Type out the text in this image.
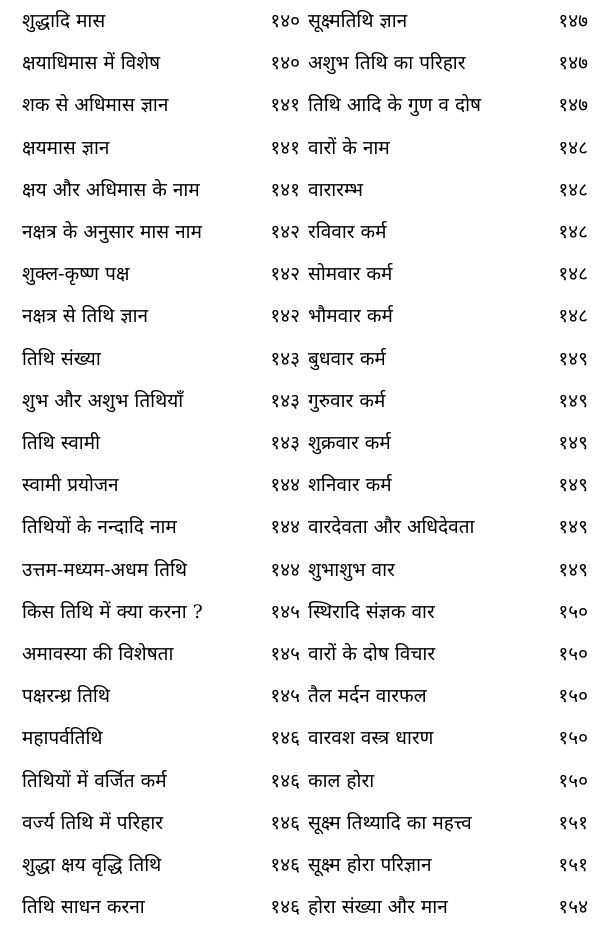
शुद्धादि मास	१४० सूक्ष्मतिथि ज्ञान	१४७
क्षयाधिमास में विशेष	१४० अशुभ तिथि का परिहार	१४७
शक से अधिमास ज्ञान	१४१ तिथि आदि के गुण व दोष	१४७
क्षयमास ज्ञान	१४१ वारों के नाम	१४८
क्षय और अधिमास के नाम	१४१ वारारम्भ	१४८
नक्षत्र के अनुसार मास नाम	१४२ रविवार कर्म	१४८
शुक्ल-कृष्ण पक्ष	१४२ सोमवार कर्म	१४८
नक्षत्र से तिथि ज्ञान	१४२ भौमवार कर्म	१४८
तिथि संख्या	१४३ बुधवार कर्म	१४९
शुभ और अशुभ तिथियाँ	१४३ गुरुवार कर्म	१४९
तिथि स्वामी	१४३ शुक्रवार कर्म	१४९
स्वामी प्रयोजन	१४४ शनिवार कर्म	१४९
तिथियों के नन्दादि नाम	१४४ वारदेवता और अधिदेवता	१४९
उत्तम-मध्यम-अधम तिथि	१४४ शुभाशुभ वार	१४९
किस तिथि में क्या करना ?	१४५ स्थिरादि संज्ञक वार	१५०
अमावस्या की विशेषता	१४५ वारों के दोष विचार	१५०
पक्षरन्ध्र तिथि	१४५ तैल मर्दन वारफल	१५०
महापर्वतिथि	१४६ वारवश वस्त्र धारण	१५०
तिथियों में वर्जित कर्म	१४६ काल होरा	१५०
वर्ज्य तिथि में परिहार	१४६ सूक्ष्म तिथ्यादि का महत्त्व	१५१
शुद्धा क्षय वृद्धि तिथि	१४६ सूक्ष्म होरा परिज्ञान	१५१
तिथि साधन करना	१४६ होरा संख्या और मान	१५४
